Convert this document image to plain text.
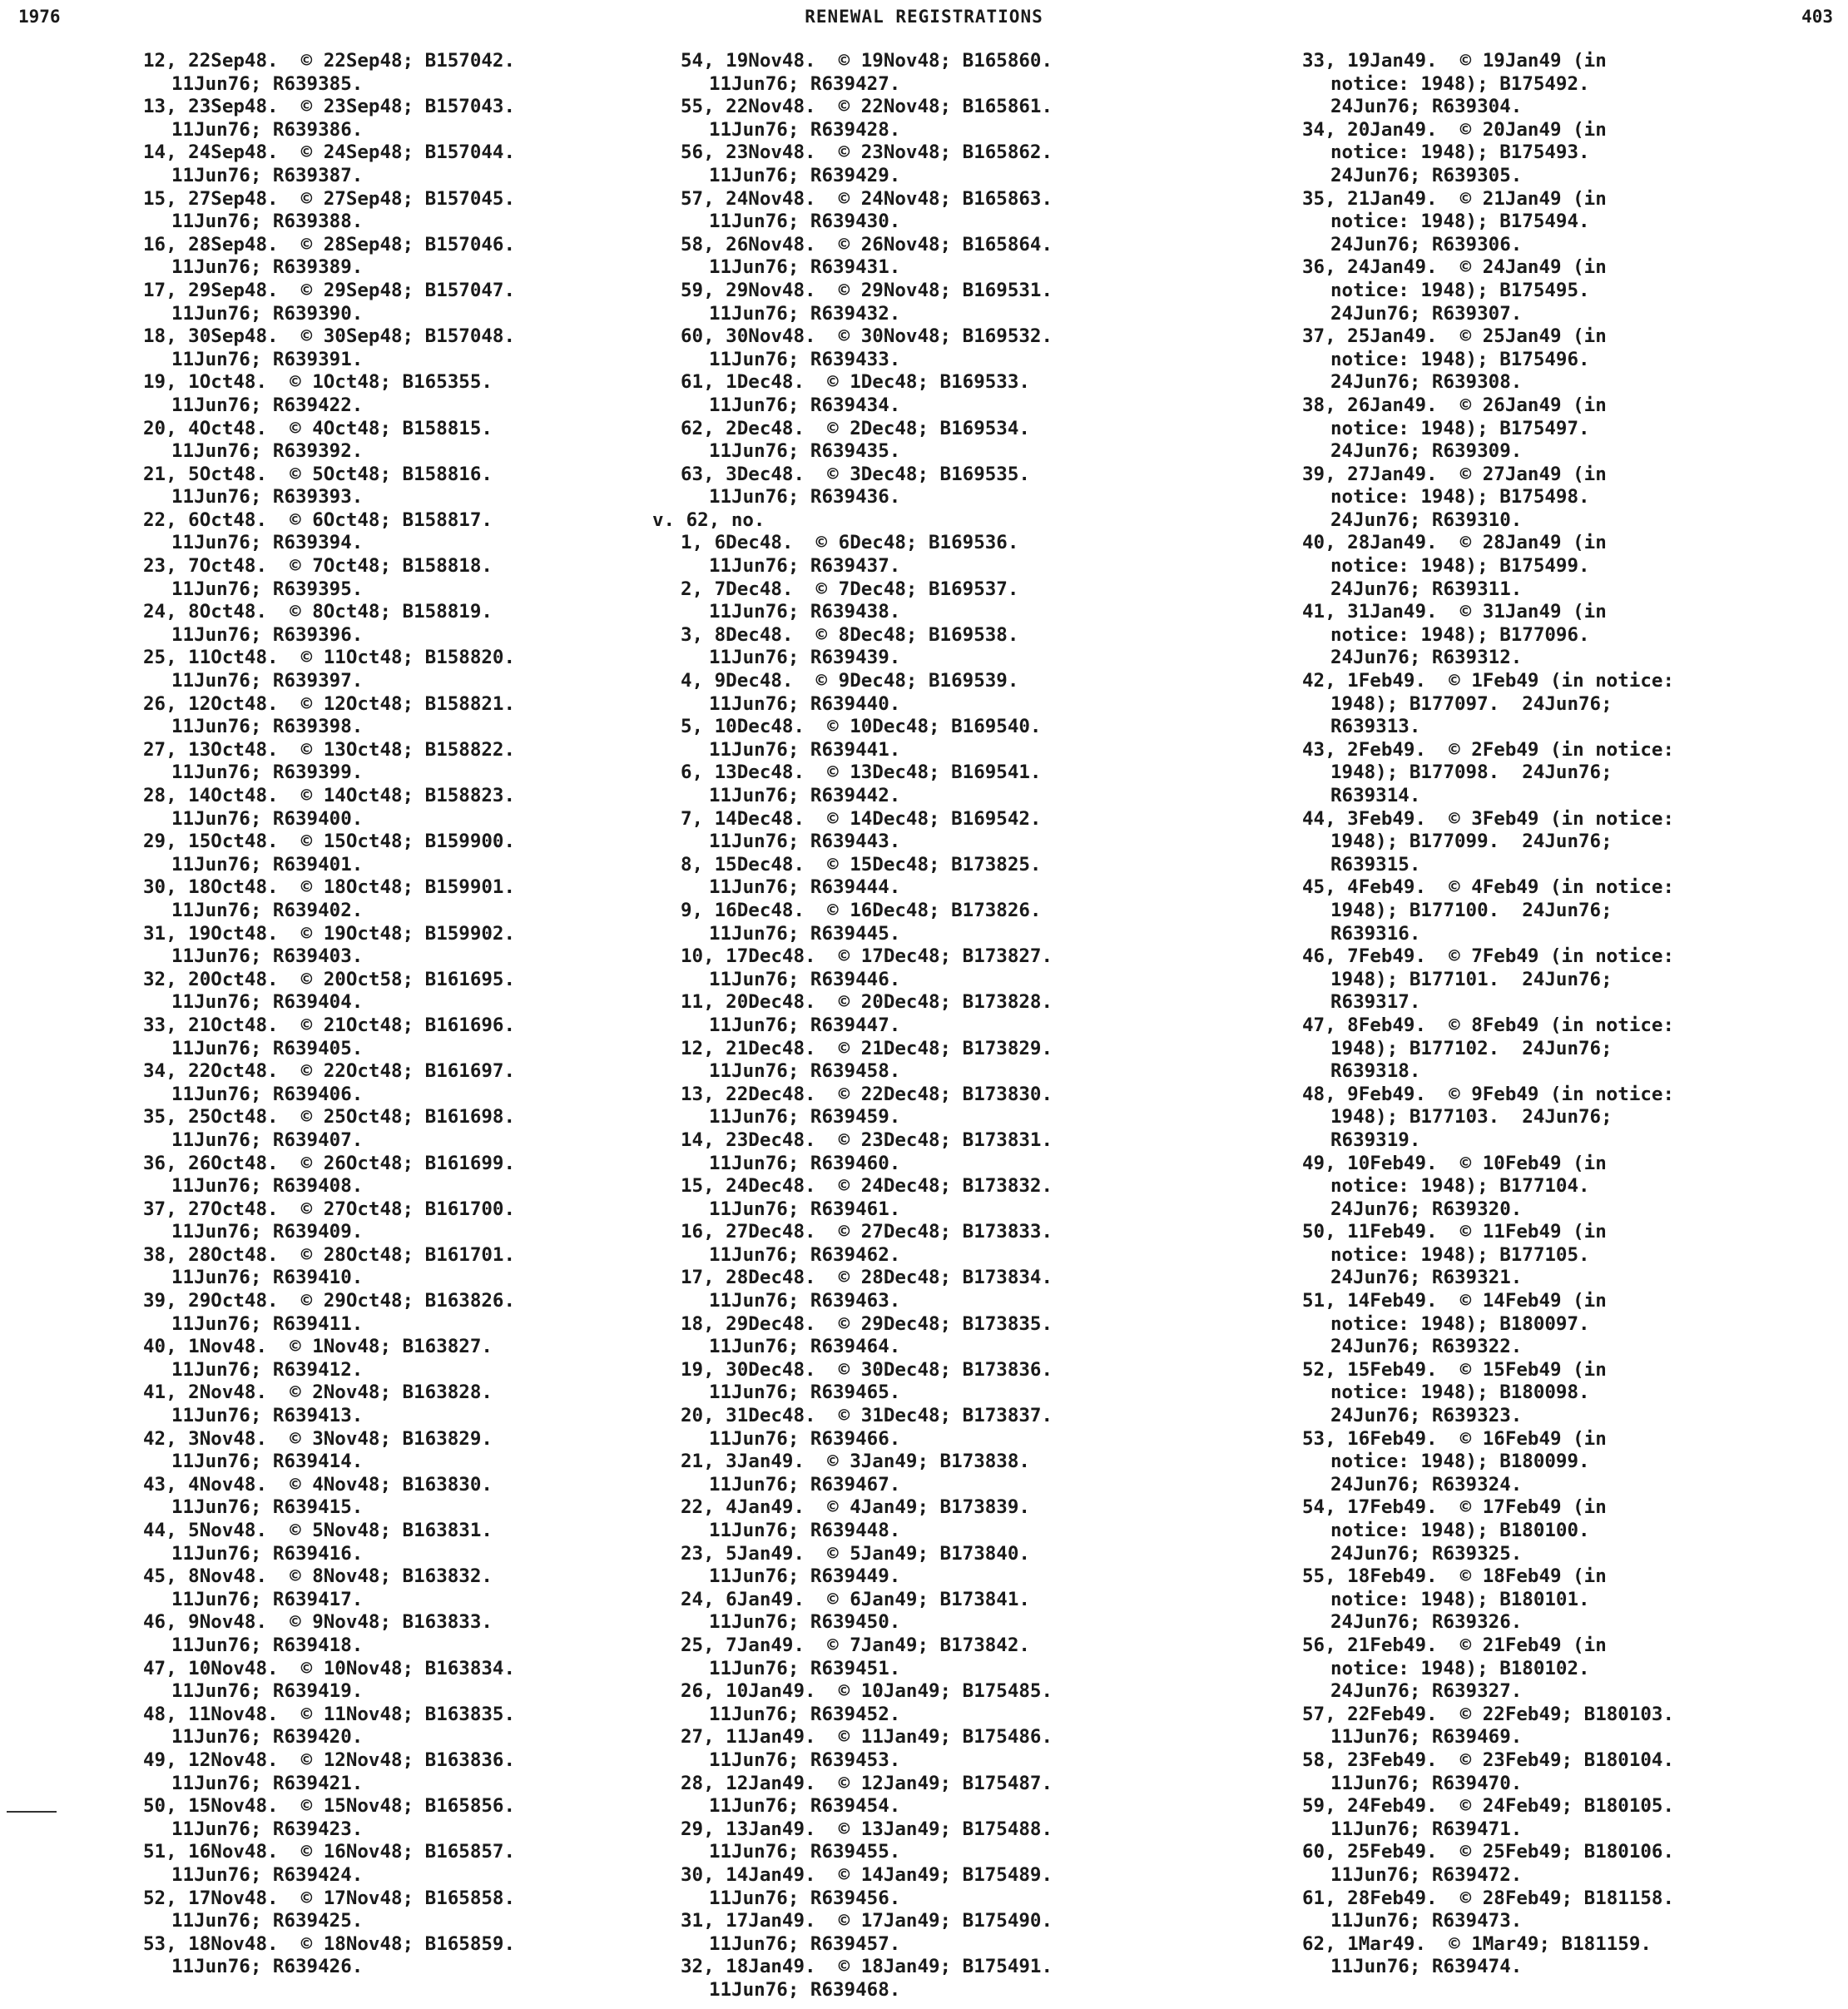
1976	RENEWAL REGISTRATIONS	403
12, 22Sep48.  © 22Sep48; B157042.
11Jun76; R639385.
13, 23Sep48.  © 23Sep48; B157043.
11Jun76; R639386.
14, 24Sep48.  © 24Sep48; B157044.
11Jun76; R639387.
15, 27Sep48.  © 27Sep48; B157045.
11Jun76; R639388.
16, 28Sep48.  © 28Sep48; B157046.
11Jun76; R639389.
17, 29Sep48.  © 29Sep48; B157047.
11Jun76; R639390.
18, 30Sep48.  © 30Sep48; B157048.
11Jun76; R639391.
19, 1Oct48.  © 1Oct48; B165355.
11Jun76; R639422.
20, 4Oct48.  © 4Oct48; B158815.
11Jun76; R639392.
21, 5Oct48.  © 5Oct48; B158816.
11Jun76; R639393.
22, 6Oct48.  © 6Oct48; B158817.
11Jun76; R639394.
23, 7Oct48.  © 7Oct48; B158818.
11Jun76; R639395.
24, 8Oct48.  © 8Oct48; B158819.
11Jun76; R639396.
25, 11Oct48.  © 11Oct48; B158820.
11Jun76; R639397.
26, 12Oct48.  © 12Oct48; B158821.
11Jun76; R639398.
27, 13Oct48.  © 13Oct48; B158822.
11Jun76; R639399.
28, 14Oct48.  © 14Oct48; B158823.
11Jun76; R639400.
29, 15Oct48.  © 15Oct48; B159900.
11Jun76; R639401.
30, 18Oct48.  © 18Oct48; B159901.
11Jun76; R639402.
31, 19Oct48.  © 19Oct48; B159902.
11Jun76; R639403.
32, 20Oct48.  © 20Oct58; B161695.
11Jun76; R639404.
33, 21Oct48.  © 21Oct48; B161696.
11Jun76; R639405.
34, 22Oct48.  © 22Oct48; B161697.
11Jun76; R639406.
35, 25Oct48.  © 25Oct48; B161698.
11Jun76; R639407.
36, 26Oct48.  © 26Oct48; B161699.
11Jun76; R639408.
37, 27Oct48.  © 27Oct48; B161700.
11Jun76; R639409.
38, 28Oct48.  © 28Oct48; B161701.
11Jun76; R639410.
39, 29Oct48.  © 29Oct48; B163826.
11Jun76; R639411.
40, 1Nov48.  © 1Nov48; B163827.
11Jun76; R639412.
41, 2Nov48.  © 2Nov48; B163828.
11Jun76; R639413.
42, 3Nov48.  © 3Nov48; B163829.
11Jun76; R639414.
43, 4Nov48.  © 4Nov48; B163830.
11Jun76; R639415.
44, 5Nov48.  © 5Nov48; B163831.
11Jun76; R639416.
45, 8Nov48.  © 8Nov48; B163832.
11Jun76; R639417.
46, 9Nov48.  © 9Nov48; B163833.
11Jun76; R639418.
47, 10Nov48.  © 10Nov48; B163834.
11Jun76; R639419.
48, 11Nov48.  © 11Nov48; B163835.
11Jun76; R639420.
49, 12Nov48.  © 12Nov48; B163836.
11Jun76; R639421.
50, 15Nov48.  © 15Nov48; B165856.
11Jun76; R639423.
51, 16Nov48.  © 16Nov48; B165857.
11Jun76; R639424.
52, 17Nov48.  © 17Nov48; B165858.
11Jun76; R639425.
53, 18Nov48.  © 18Nov48; B165859.
11Jun76; R639426.
54, 19Nov48.  © 19Nov48; B165860.
11Jun76; R639427.
55, 22Nov48.  © 22Nov48; B165861.
11Jun76; R639428.
56, 23Nov48.  © 23Nov48; B165862.
11Jun76; R639429.
57, 24Nov48.  © 24Nov48; B165863.
11Jun76; R639430.
58, 26Nov48.  © 26Nov48; B165864.
11Jun76; R639431.
59, 29Nov48.  © 29Nov48; B169531.
11Jun76; R639432.
60, 30Nov48.  © 30Nov48; B169532.
11Jun76; R639433.
61, 1Dec48.  © 1Dec48; B169533.
11Jun76; R639434.
62, 2Dec48.  © 2Dec48; B169534.
11Jun76; R639435.
63, 3Dec48.  © 3Dec48; B169535.
11Jun76; R639436.
v. 62, no.
1, 6Dec48.  © 6Dec48; B169536.
11Jun76; R639437.
2, 7Dec48.  © 7Dec48; B169537.
11Jun76; R639438.
3, 8Dec48.  © 8Dec48; B169538.
11Jun76; R639439.
4, 9Dec48.  © 9Dec48; B169539.
11Jun76; R639440.
5, 10Dec48.  © 10Dec48; B169540.
11Jun76; R639441.
6, 13Dec48.  © 13Dec48; B169541.
11Jun76; R639442.
7, 14Dec48.  © 14Dec48; B169542.
11Jun76; R639443.
8, 15Dec48.  © 15Dec48; B173825.
11Jun76; R639444.
9, 16Dec48.  © 16Dec48; B173826.
11Jun76; R639445.
10, 17Dec48.  © 17Dec48; B173827.
11Jun76; R639446.
11, 20Dec48.  © 20Dec48; B173828.
11Jun76; R639447.
12, 21Dec48.  © 21Dec48; B173829.
11Jun76; R639458.
13, 22Dec48.  © 22Dec48; B173830.
11Jun76; R639459.
14, 23Dec48.  © 23Dec48; B173831.
11Jun76; R639460.
15, 24Dec48.  © 24Dec48; B173832.
11Jun76; R639461.
16, 27Dec48.  © 27Dec48; B173833.
11Jun76; R639462.
17, 28Dec48.  © 28Dec48; B173834.
11Jun76; R639463.
18, 29Dec48.  © 29Dec48; B173835.
11Jun76; R639464.
19, 30Dec48.  © 30Dec48; B173836.
11Jun76; R639465.
20, 31Dec48.  © 31Dec48; B173837.
11Jun76; R639466.
21, 3Jan49.  © 3Jan49; B173838.
11Jun76; R639467.
22, 4Jan49.  © 4Jan49; B173839.
11Jun76; R639448.
23, 5Jan49.  © 5Jan49; B173840.
11Jun76; R639449.
24, 6Jan49.  © 6Jan49; B173841.
11Jun76; R639450.
25, 7Jan49.  © 7Jan49; B173842.
11Jun76; R639451.
26, 10Jan49.  © 10Jan49; B175485.
11Jun76; R639452.
27, 11Jan49.  © 11Jan49; B175486.
11Jun76; R639453.
28, 12Jan49.  © 12Jan49; B175487.
11Jun76; R639454.
29, 13Jan49.  © 13Jan49; B175488.
11Jun76; R639455.
30, 14Jan49.  © 14Jan49; B175489.
11Jun76; R639456.
31, 17Jan49.  © 17Jan49; B175490.
11Jun76; R639457.
32, 18Jan49.  © 18Jan49; B175491.
11Jun76; R639468.
33, 19Jan49.  © 19Jan49 (in
notice: 1948); B175492.
24Jun76; R639304.
34, 20Jan49.  © 20Jan49 (in
notice: 1948); B175493.
24Jun76; R639305.
35, 21Jan49.  © 21Jan49 (in
notice: 1948); B175494.
24Jun76; R639306.
36, 24Jan49.  © 24Jan49 (in
notice: 1948); B175495.
24Jun76; R639307.
37, 25Jan49.  © 25Jan49 (in
notice: 1948); B175496.
24Jun76; R639308.
38, 26Jan49.  © 26Jan49 (in
notice: 1948); B175497.
24Jun76; R639309.
39, 27Jan49.  © 27Jan49 (in
notice: 1948); B175498.
24Jun76; R639310.
40, 28Jan49.  © 28Jan49 (in
notice: 1948); B175499.
24Jun76; R639311.
41, 31Jan49.  © 31Jan49 (in
notice: 1948); B177096.
24Jun76; R639312.
42, 1Feb49.  © 1Feb49 (in notice:
1948); B177097.  24Jun76;
R639313.
43, 2Feb49.  © 2Feb49 (in notice:
1948); B177098.  24Jun76;
R639314.
44, 3Feb49.  © 3Feb49 (in notice:
1948); B177099.  24Jun76;
R639315.
45, 4Feb49.  © 4Feb49 (in notice:
1948); B177100.  24Jun76;
R639316.
46, 7Feb49.  © 7Feb49 (in notice:
1948); B177101.  24Jun76;
R639317.
47, 8Feb49.  © 8Feb49 (in notice:
1948); B177102.  24Jun76;
R639318.
48, 9Feb49.  © 9Feb49 (in notice:
1948); B177103.  24Jun76;
R639319.
49, 10Feb49.  © 10Feb49 (in
notice: 1948); B177104.
24Jun76; R639320.
50, 11Feb49.  © 11Feb49 (in
notice: 1948); B177105.
24Jun76; R639321.
51, 14Feb49.  © 14Feb49 (in
notice: 1948); B180097.
24Jun76; R639322.
52, 15Feb49.  © 15Feb49 (in
notice: 1948); B180098.
24Jun76; R639323.
53, 16Feb49.  © 16Feb49 (in
notice: 1948); B180099.
24Jun76; R639324.
54, 17Feb49.  © 17Feb49 (in
notice: 1948); B180100.
24Jun76; R639325.
55, 18Feb49.  © 18Feb49 (in
notice: 1948); B180101.
24Jun76; R639326.
56, 21Feb49.  © 21Feb49 (in
notice: 1948); B180102.
24Jun76; R639327.
57, 22Feb49.  © 22Feb49; B180103.
11Jun76; R639469.
58, 23Feb49.  © 23Feb49; B180104.
11Jun76; R639470.
59, 24Feb49.  © 24Feb49; B180105.
11Jun76; R639471.
60, 25Feb49.  © 25Feb49; B180106.
11Jun76; R639472.
61, 28Feb49.  © 28Feb49; B181158.
11Jun76; R639473.
62, 1Mar49.  © 1Mar49; B181159.
11Jun76; R639474.
